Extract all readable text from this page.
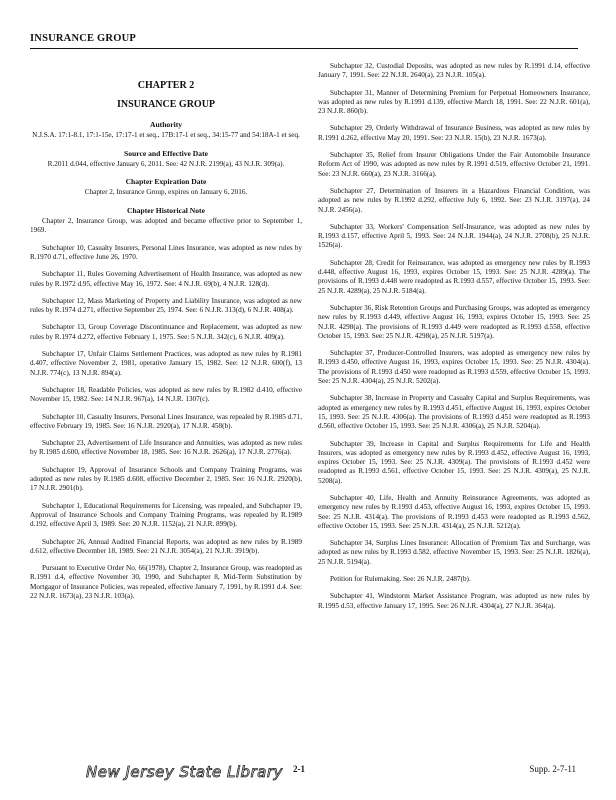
INSURANCE GROUP
CHAPTER 2
INSURANCE GROUP
Authority
N.J.S.A. 17:1-8.1, 17:1-15e, 17:17-1 et seq., 17B:17-1 et seq., 34:15-77 and 54:18A-1 et seq.
Source and Effective Date
R.2011 d.044, effective January 6, 2011. See: 42 N.J.R. 2199(a), 43 N.J.R. 309(a).
Chapter Expiration Date
Chapter 2, Insurance Group, expires on January 6, 2016.
Chapter Historical Note

Chapter 2, Insurance Group, was adopted and became effective prior to September 1, 1969.

Subchapter 10, Casualty Insurers, Personal Lines Insurance, was adopted as new rules by R.1970 d.71, effective June 26, 1970.

Subchapter 11, Rules Governing Advertisement of Health Insurance, was adopted as new rules by R.1972 d.95, effective May 16, 1972. See: 4 N.J.R. 69(b), 4 N.J.R. 128(d).

Subchapter 12, Mass Marketing of Property and Liability Insurance, was adopted as new rules by R.1974 d.271, effective September 25, 1974. See: 6 N.J.R. 313(d), 6 N.J.R. 408(a).

Subchapter 13, Group Coverage Discontinuance and Replacement, was adopted as new rules by R.1974 d.272, effective February 1, 1975. See: 5 N.J.R. 342(c), 6 N.J.R. 409(a).

Subchapter 17, Unfair Claims Settlement Practices, was adopted as new rules by R.1981 d.407, effective November 2, 1981, operative January 15, 1982. See: 12 N.J.R. 600(f), 13 N.J.R. 774(c), 13 N.J.R. 894(a).

Subchapter 18, Readable Policies, was adopted as new rules by R.1982 d.410, effective November 15, 1982. See: 14 N.J.R. 967(a), 14 N.J.R. 1307(c).

Subchapter 10, Casualty Insurers, Personal Lines Insurance, was repealed by R.1985 d.71, effective February 19, 1985. See: 16 N.J.R. 2920(a), 17 N.J.R. 458(b).

Subchapter 23, Advertisement of Life Insurance and Annuities, was adopted as new rules by R.1985 d.600, effective November 18, 1985. See: 16 N.J.R. 2626(a), 17 N.J.R. 2776(a).

Subchapter 19, Approval of Insurance Schools and Company Training Programs, was adopted as new rules by R.1985 d.608, effective December 2, 1985. See: 16 N.J.R. 2920(b), 17 N.J.R. 2901(b).

Subchapter 1, Educational Requirements for Licensing, was repealed, and Subchapter 19, Approval of Insurance Schools and Company Training Programs, was repealed by R.1989 d.192, effective April 3, 1989. See: 20 N.J.R. 1152(a), 21 N.J.R. 899(b).

Subchapter 26, Annual Audited Financial Reports, was adopted as new rules by R.1989 d.612, effective December 18, 1989. See: 21 N.J.R. 3054(a), 21 N.J.R. 3919(b).

Pursuant to Executive Order No. 66(1978), Chapter 2, Insurance Group, was readopted as R.1991 d.4, effective November 30, 1990, and Subchapter 8, Mid-Term Substitution by Mortgagor of Insurance Policies, was repealed, effective January 7, 1991, by R.1991 d.4. See: 22 N.J.R. 1673(a), 23 N.J.R. 103(a).

Subchapter 32, Custodial Deposits, was adopted as new rules by R.1991 d.14, effective January 7, 1991. See: 22 N.J.R. 2640(a), 23 N.J.R. 105(a).

Subchapter 31, Manner of Determining Premium for Perpetual Homeowners Insurance, was adopted as new rules by R.1991 d.139, effective March 18, 1991. See: 22 N.J.R. 601(a), 23 N.J.R. 860(b).

Subchapter 29, Orderly Withdrawal of Insurance Business, was adopted as new rules by R.1991 d.262, effective May 20, 1991. See: 23 N.J.R. 15(b), 23 N.J.R. 1673(a).

Subchapter 35, Relief from Insurer Obligations Under the Fair Automobile Insurance Reform Act of 1990, was adopted as new rules by R.1991 d.519, effective October 21, 1991. See: 23 N.J.R. 660(a), 23 N.J.R. 3166(a).

Subchapter 27, Determination of Insurers in a Hazardous Financial Condition, was adopted as new rules by R.1992 d.292, effective July 6, 1992. See: 23 N.J.R. 3197(a), 24 N.J.R. 2456(a).

Subchapter 33, Workers' Compensation Self-Insurance, was adopted as new rules by R.1993 d.157, effective April 5, 1993. See: 24 N.J.R. 1944(a), 24 N.J.R. 2708(b), 25 N.J.R. 1526(a).

Subchapter 28, Credit for Reinsurance, was adopted as emergency new rules by R.1993 d.448, effective August 16, 1993, expires October 15, 1993. See: 25 N.J.R. 4289(a). The provisions of R.1993 d.448 were readopted as R.1993 d.557, effective October 15, 1993. See: 25 N.J.R. 4289(a), 25 N.J.R. 5184(a).

Subchapter 36, Risk Retention Groups and Purchasing Groups, was adopted as emergency new rules by R.1993 d.449, effective August 16, 1993, expires October 15, 1993. See: 25 N.J.R. 4298(a). The provisions of R.1993 d.449 were readopted as R.1993 d.558, effective October 15, 1993. See: 25 N.J.R. 4298(a), 25 N.J.R. 5197(a).

Subchapter 37, Producer-Controlled Insurers, was adopted as emergency new rules by R.1993 d.450, effective August 16, 1993, expires October 15, 1993. See: 25 N.J.R. 4304(a). The provisions of R.1993 d.450 were readopted as R.1993 d.559, effective October 15, 1993. See: 25 N.J.R. 4304(a), 25 N.J.R. 5202(a).

Subchapter 38, Increase in Property and Casualty Capital and Surplus Requirements, was adopted as emergency new rules by R.1993 d.451, effective August 16, 1993, expires October 15, 1993. See: 25 N.J.R. 4306(a). The provisions of R.1993 d.451 were readopted as R.1993 d.560, effective October 15, 1993. See: 25 N.J.R. 4306(a), 25 N.J.R. 5204(a).

Subchapter 39, Increase in Capital and Surplus Requirements for Life and Health Insurers, was adopted as emergency new rules by R.1993 d.452, effective August 16, 1993, expires October 15, 1993. See: 25 N.J.R. 4309(a). The provisions of R.1993 d.452 were readopted as R.1993 d.561, effective October 15, 1993. See: 25 N.J.R. 4309(a), 25 N.J.R. 5208(a).

Subchapter 40, Life, Health and Annuity Reinsurance Agreements, was adopted as emergency new rules by R.1993 d.453, effective August 16, 1993, expires October 15, 1993. See: 25 N.J.R. 4314(a). The provisions of R.1993 d.453 were readopted as R.1993 d.562, effective October 15, 1993. See: 25 N.J.R. 4314(a), 25 N.J.R. 5212(a).

Subchapter 34, Surplus Lines Insurance: Allocation of Premium Tax and Surcharge, was adopted as new rules by R.1993 d.582, effective November 15, 1993. See: 25 N.J.R. 1826(a), 25 N.J.R. 5194(a).

Petition for Rulemaking. See: 26 N.J.R. 2487(b).

Subchapter 41, Windstorm Market Assistance Program, was adopted as new rules by R.1995 d.53, effective January 17, 1995. See: 26 N.J.R. 4304(a), 27 N.J.R. 364(a).

New Jersey State Library 2-1	Supp. 2-7-11
